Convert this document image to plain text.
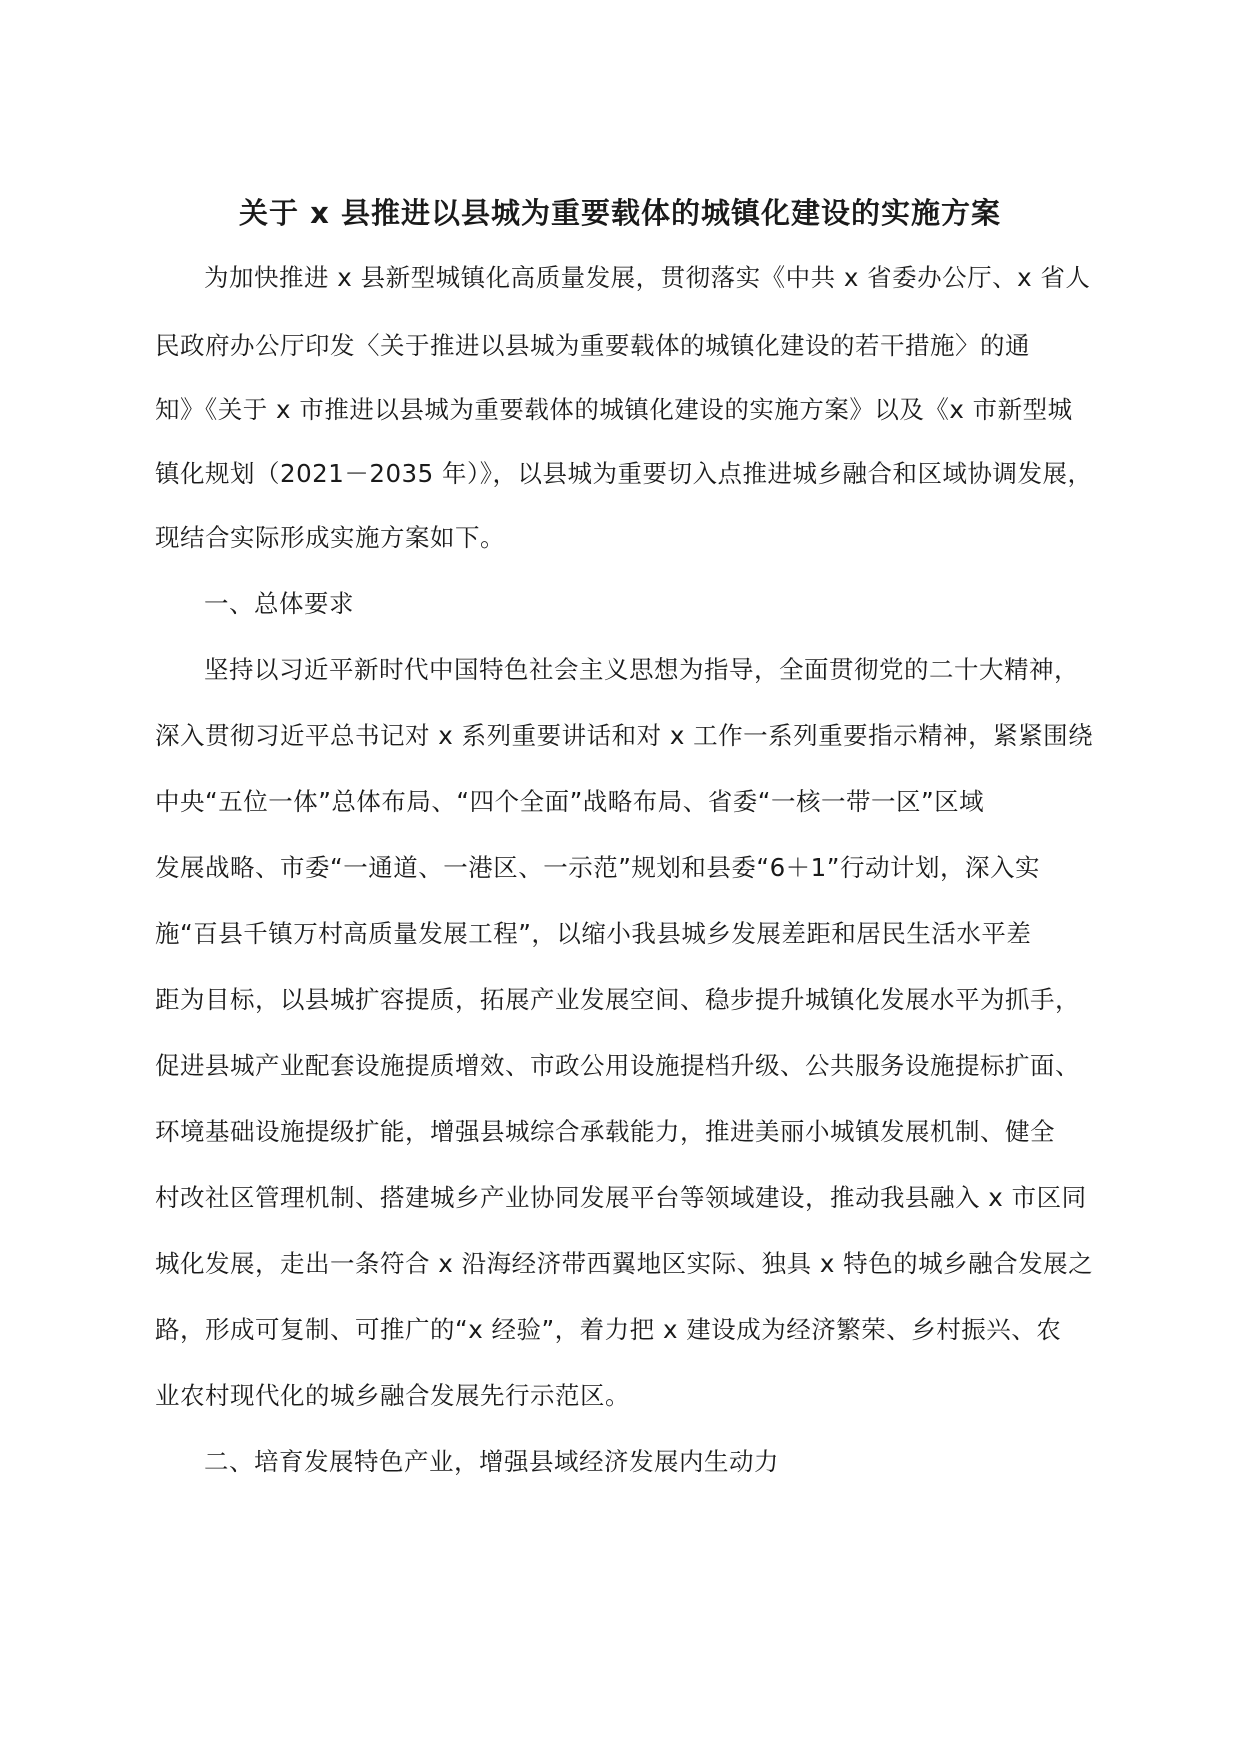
关于 x 县推进以县城为重要载体的城镇化建设的实施方案
为加快推进 x 县新型城镇化高质量发展，贯彻落实《中共 x 省委办公厅、x 省人
民政府办公厅印发〈关于推进以县城为重要载体的城镇化建设的若干措施〉的通
知》《关于 x 市推进以县城为重要载体的城镇化建设的实施方案》以及《x 市新型城
镇化规划（2021－2035 年）》，以县城为重要切入点推进城乡融合和区域协调发展，
现结合实际形成实施方案如下。
一、总体要求
坚持以习近平新时代中国特色社会主义思想为指导，全面贯彻党的二十大精神，
深入贯彻习近平总书记对 x 系列重要讲话和对 x 工作一系列重要指示精神，紧紧围绕
中央“五位一体”总体布局、“四个全面”战略布局、省委“一核一带一区”区域
发展战略、市委“一通道、一港区、一示范”规划和县委“6＋1”行动计划，深入实
施“百县千镇万村高质量发展工程”，以缩小我县城乡发展差距和居民生活水平差
距为目标，以县城扩容提质，拓展产业发展空间、稳步提升城镇化发展水平为抓手，
促进县城产业配套设施提质增效、市政公用设施提档升级、公共服务设施提标扩面、
环境基础设施提级扩能，增强县城综合承载能力，推进美丽小城镇发展机制、健全
村改社区管理机制、搭建城乡产业协同发展平台等领域建设，推动我县融入 x 市区同
城化发展，走出一条符合 x 沿海经济带西翼地区实际、独具 x 特色的城乡融合发展之
路，形成可复制、可推广的“x 经验”，着力把 x 建设成为经济繁荣、乡村振兴、农
业农村现代化的城乡融合发展先行示范区。
二、培育发展特色产业，增强县域经济发展内生动力
